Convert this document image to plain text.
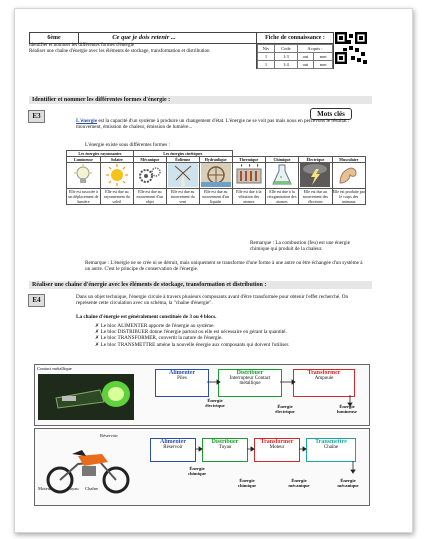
6ème	Ce que je dois retenir ...
Identifier et nommer les différentes formes d'énergie
Réaliser une chaîne d'énergie avec les éléments de stockage, transformation et distribution
Fiche de connaissance :
Niv	Code	Acquis :	
1	1:3	oui	non
1	1:4	oui	non
Identifier et nommer les différentes formes d'énergie :
E3	Mots clés
L'énergie est la capacité d'un système à produire un changement d'état. L'énergie ne se voit pas mais nous en percevons le résultat : mouvement, émission de chaleur, émission de lumière...
L'énergie existe sous différentes formes :
Les énergies rayonnantes		Les énergies cinétiques						
Lumineuse	Solaire	Mécanique	Éolienne	Hydraulique	Thermique	Chimique	Électrique	Musculaire

Elle est associée à un déplacement de lumière	Elle est due au rayonnement du soleil	Elle est due au mouvement d'un objet	Elle est due au mouvement du vent	Elle est due au mouvement d'un liquide	Elle est due à la vibration des atomes	Elle est due à la réorganisation des atomes	Elle est due au mouvement des électrons	Elle est produite par le corps des animaux
Remarque : La combustion (feu) est une énergie chimique qui produit de la chaleur.
Remarque : L'énergie ne se crée ni se détruit, mais uniquement se transforme d'une forme à une autre ou être échangée d'un système à un autre. C'est le principe de conservation de l'énergie.
Réaliser une chaîne d'énergie avec les éléments de stockage, transformation et distribution :
E4	Dans un objet technique, l'énergie circule à travers plusieurs composants avant d'être transformée pour obtenir l'effet recherché. On représente cette circulation avec un schéma, la "chaîne d'énergie".
La chaîne d'énergie est généralement constituée de 3 ou 4 blocs.
✗ Le bloc ALIMENTER apporte de l'énergie au système.
✗ Le bloc DISTRIBUER donne l'énergie partout ou elle est nécessaire en gérant la quantité.
✗ Le bloc TRANSFORMER, convertit la nature de l'énergie.
✗ Le bloc TRANSMETTRE amène la nouvelle énergie aux composants qui doivent l'utiliser.
Contact métallique
Alimenter
Piles
Distribuer
Interrupteur Contact métallique
Transformer
Ampoule
Énergie électrique	Énergie électrique
Énergie lumineuse
Réservoir
Moteur	Tuyau Chaîne
Alimenter
Réservoir
Distribuer
Tuyau
Transformer
Moteur
Transmettre
Chaîne
Énergie chimique
Énergie chimique
Énergie mécanique
Énergie mécanique
